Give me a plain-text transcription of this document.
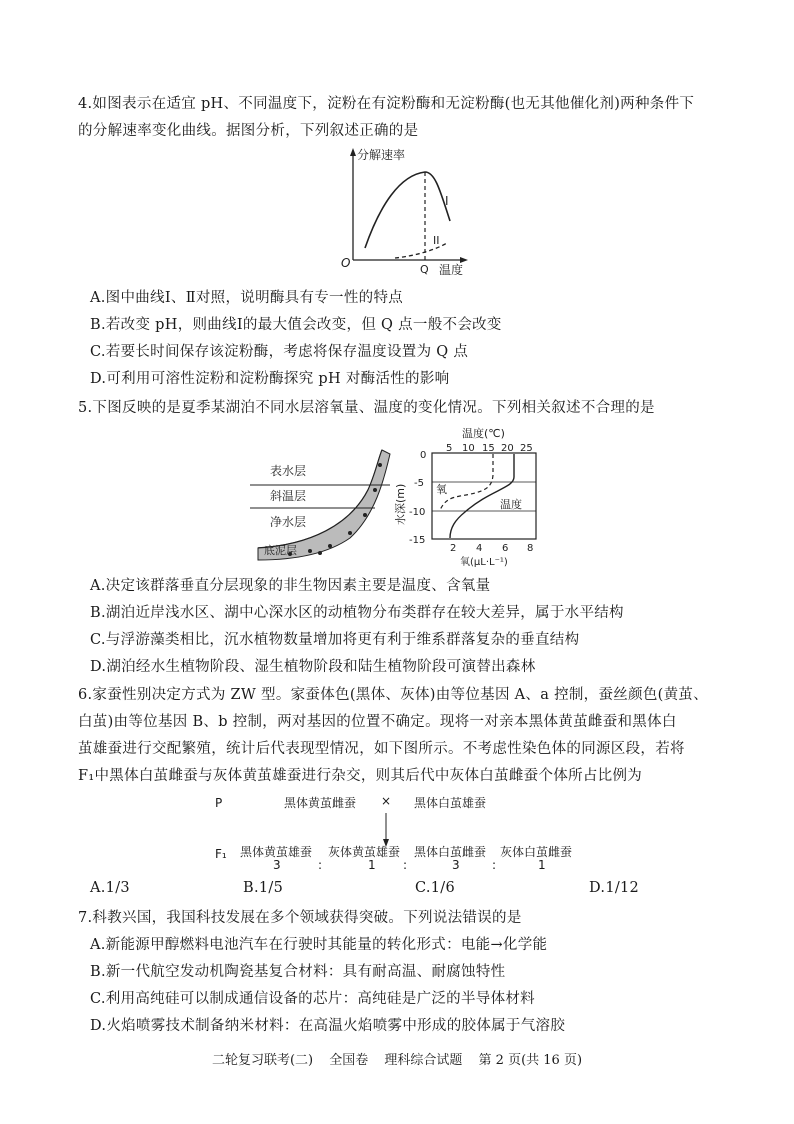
4.如图表示在适宜 pH、不同温度下，淀粉在有淀粉酶和无淀粉酶(也无其他催化剂)两种条件下
的分解速率变化曲线。据图分析，下列叙述正确的是
分解速率
O	Q 温度
I
II
A.图中曲线Ⅰ、Ⅱ对照，说明酶具有专一性的特点
B.若改变 pH，则曲线Ⅰ的最大值会改变，但 Q 点一般不会改变
C.若要长时间保存该淀粉酶，考虑将保存温度设置为 Q 点
D.可利用可溶性淀粉和淀粉酶探究 pH 对酶活性的影响
5.下图反映的是夏季某湖泊不同水层溶氧量、温度的变化情况。下列相关叙述不合理的是
表水层
斜温层
净水层
底泥层
温度(℃)
5 10 15 20 25
0
-5
-10
-15
水深(m)	氧
温度
2 4 6 8
氧(μL·L⁻¹)
A.决定该群落垂直分层现象的非生物因素主要是温度、含氧量
B.湖泊近岸浅水区、湖中心深水区的动植物分布类群存在较大差异，属于水平结构
C.与浮游藻类相比，沉水植物数量增加将更有利于维系群落复杂的垂直结构
D.湖泊经水生植物阶段、湿生植物阶段和陆生植物阶段可演替出森林
6.家蚕性别决定方式为 ZW 型。家蚕体色(黑体、灰体)由等位基因 A、a 控制，蚕丝颜色(黄茧、
白茧)由等位基因 B、b 控制，两对基因的位置不确定。现将一对亲本黑体黄茧雌蚕和黑体白
茧雄蚕进行交配繁殖，统计后代表现型情况，如下图所示。不考虑性染色体的同源区段，若将
F₁中黑体白茧雌蚕与灰体黄茧雄蚕进行杂交，则其后代中灰体白茧雌蚕个体所占比例为
P	黑体黄茧雌蚕 × 黑体白茧雄蚕
F₁ 黑体黄茧雄蚕 灰体黄茧雄蚕 黑体白茧雌蚕 灰体白茧雌蚕
3	:	1 :	3	:	1
A.1/3	B.1/5	C.1/6	D.1/12
7.科教兴国，我国科技发展在多个领域获得突破。下列说法错误的是
A.新能源甲醇燃料电池汽车在行驶时其能量的转化形式：电能→化学能
B.新一代航空发动机陶瓷基复合材料：具有耐高温、耐腐蚀特性
C.利用高纯硅可以制成通信设备的芯片：高纯硅是广泛的半导体材料
D.火焰喷雾技术制备纳米材料：在高温火焰喷雾中形成的胶体属于气溶胶
二轮复习联考(二) 全国卷 理科综合试题 第 2 页(共 16 页)
